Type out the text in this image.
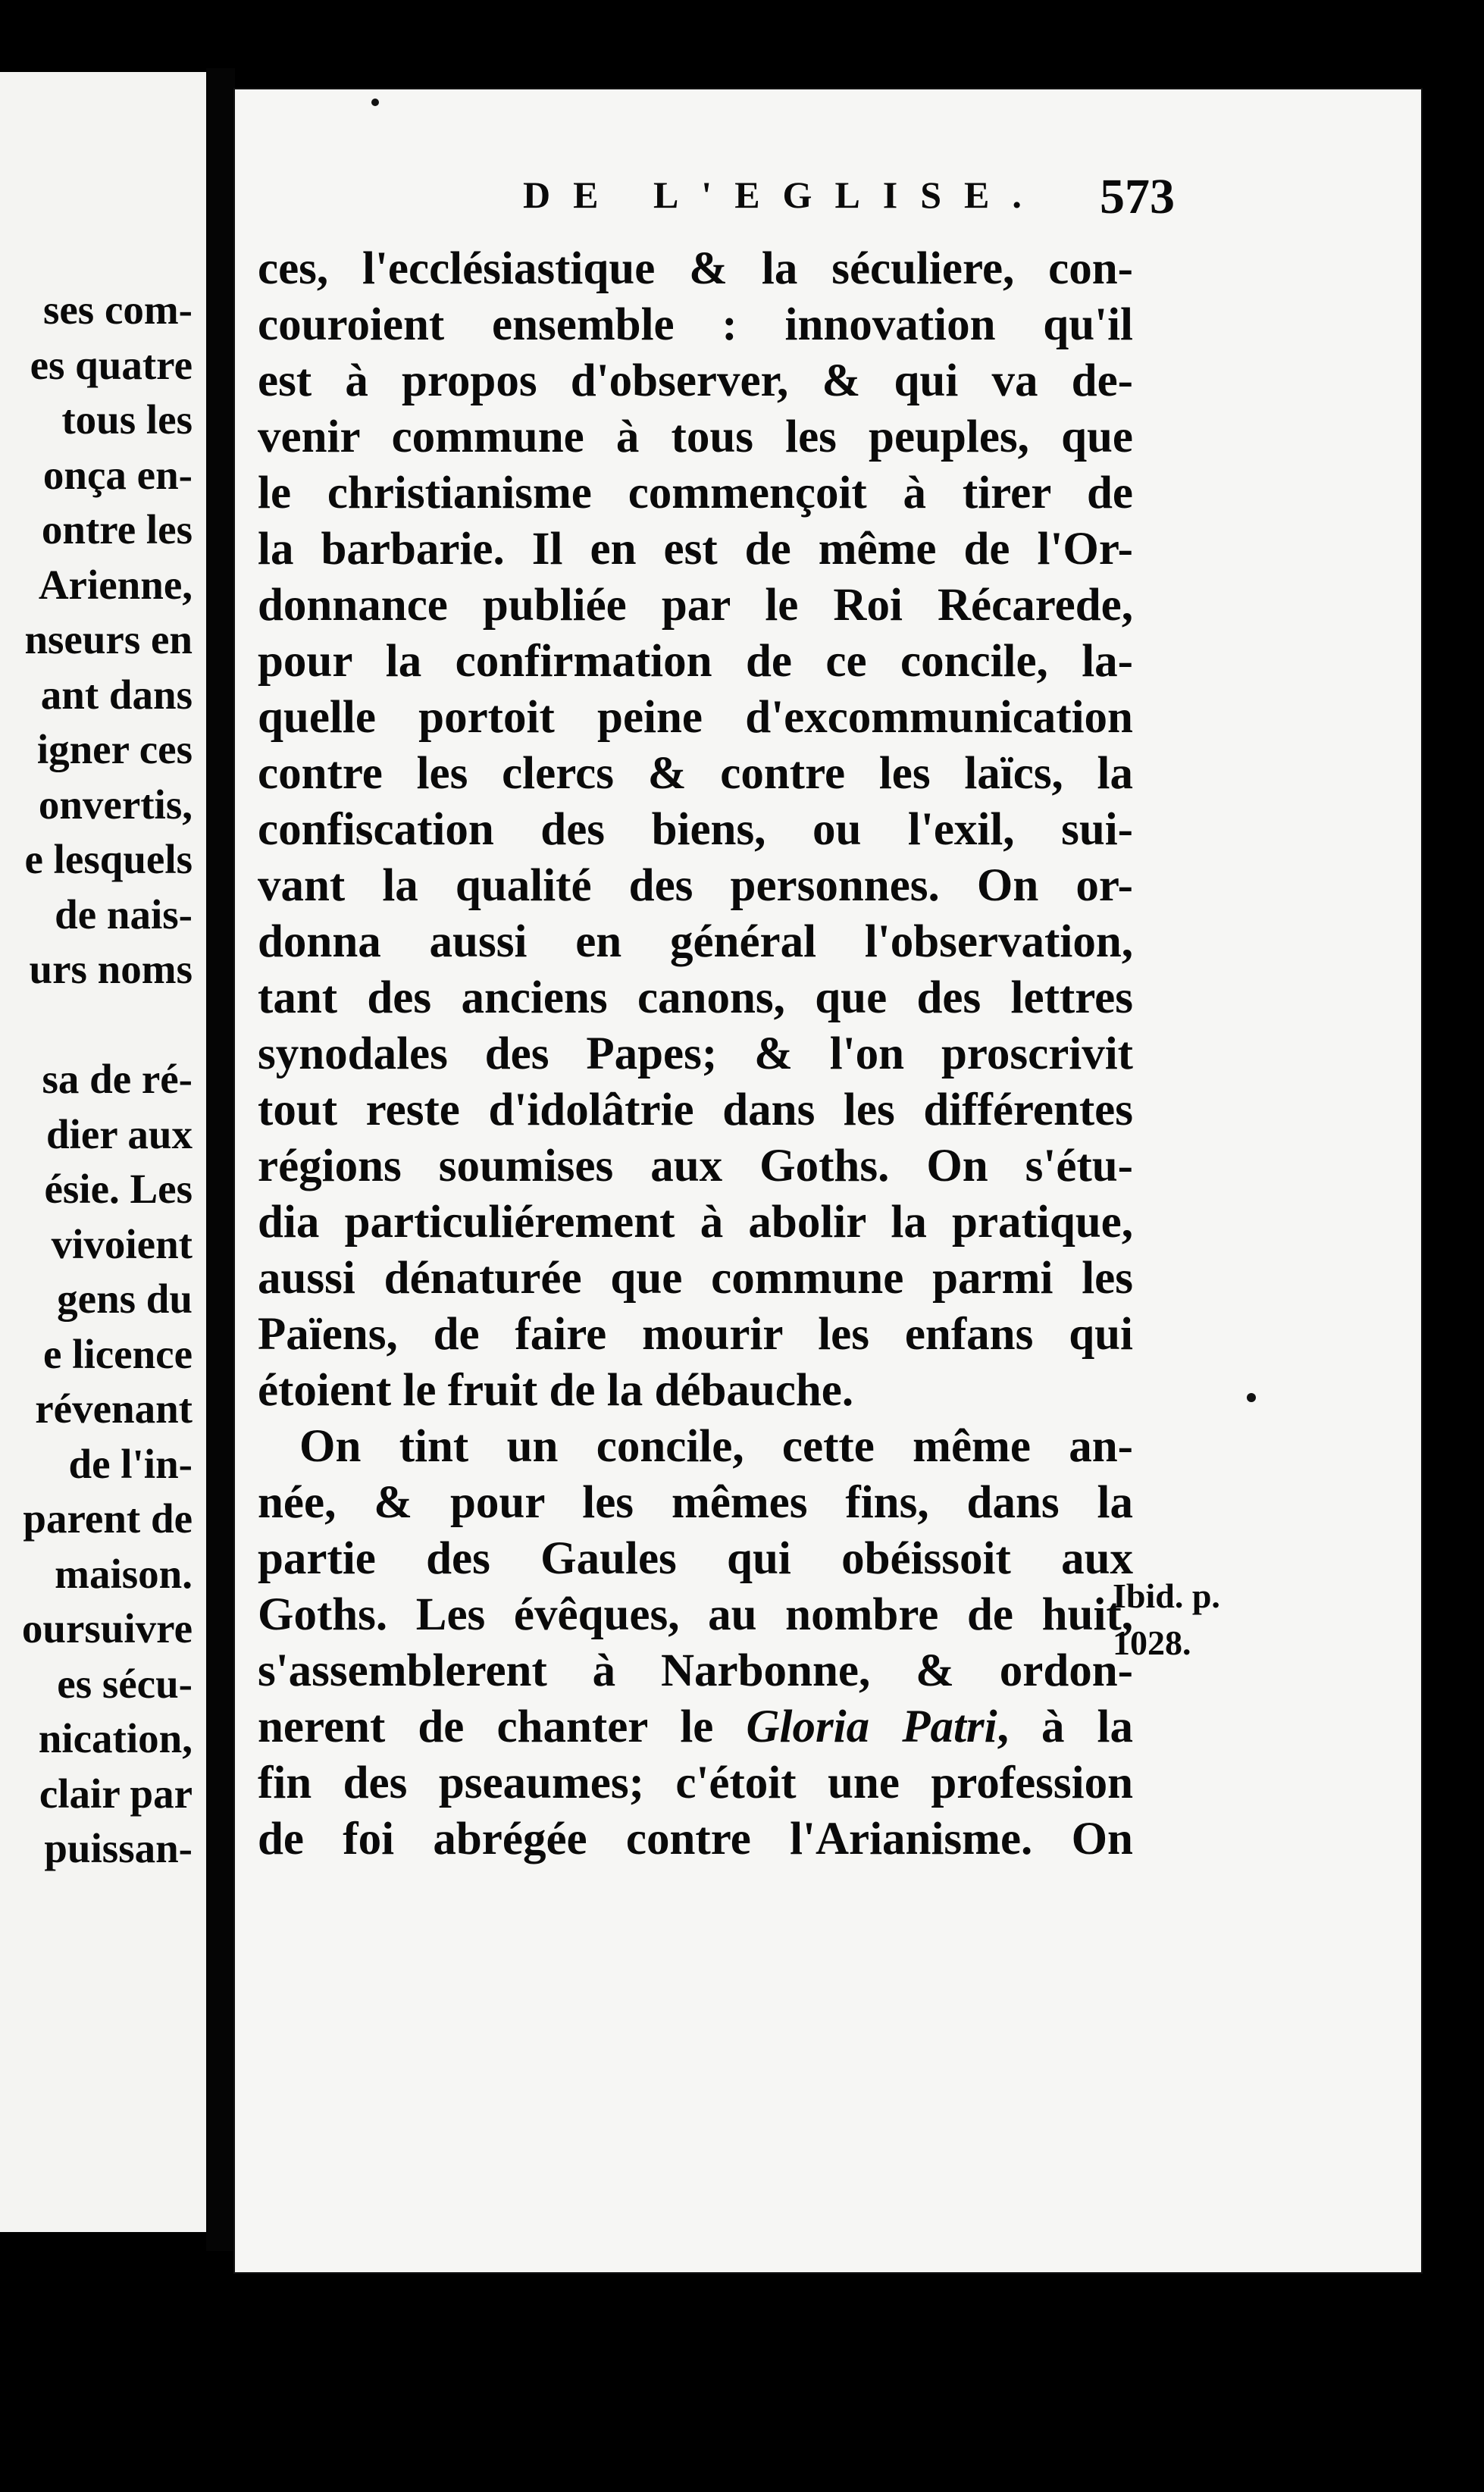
ses com-
es quatre
tous les
onça en-
ontre les
Arienne,
nseurs en
ant dans
igner ces
onvertis,
e lesquels
de nais-
urs noms
sa de ré-
dier aux
ésie. Les
vivoient
gens du
e licence
révenant
de l'in-
parent de
maison.
oursuivre
es sécu-
nication,
clair par
puissan-
DE L'EGLISE. 573
ces, l'ecclésiastique & la séculiere, con-
couroient ensemble : innovation qu'il
est à propos d'observer, & qui va de-
venir commune à tous les peuples, que
le christianisme commençoit à tirer de
la barbarie. Il en est de même de l'Or-
donnance publiée par le Roi Récarede,
pour la confirmation de ce concile, la-
quelle portoit peine d'excommunication
contre les clercs & contre les laïcs, la
confiscation des biens, ou l'exil, sui-
vant la qualité des personnes. On or-
donna aussi en général l'observation,
tant des anciens canons, que des lettres
synodales des Papes; & l'on proscrivit
tout reste d'idolâtrie dans les différentes
régions soumises aux Goths. On s'étu-
dia particuliérement à abolir la pratique,
aussi dénaturée que commune parmi les
Païens, de faire mourir les enfans qui
étoient le fruit de la débauche.
On tint un concile, cette même an-
née, & pour les mêmes fins, dans la
partie des Gaules qui obéissoit aux
Goths. Les évêques, au nombre de huit,
s'assemblerent à Narbonne, & ordon-
nerent de chanter le Gloria Patri, à la
fin des pseaumes; c'étoit une profession
de foi abrégée contre l'Arianisme. On
Ibid. p.
1028.
